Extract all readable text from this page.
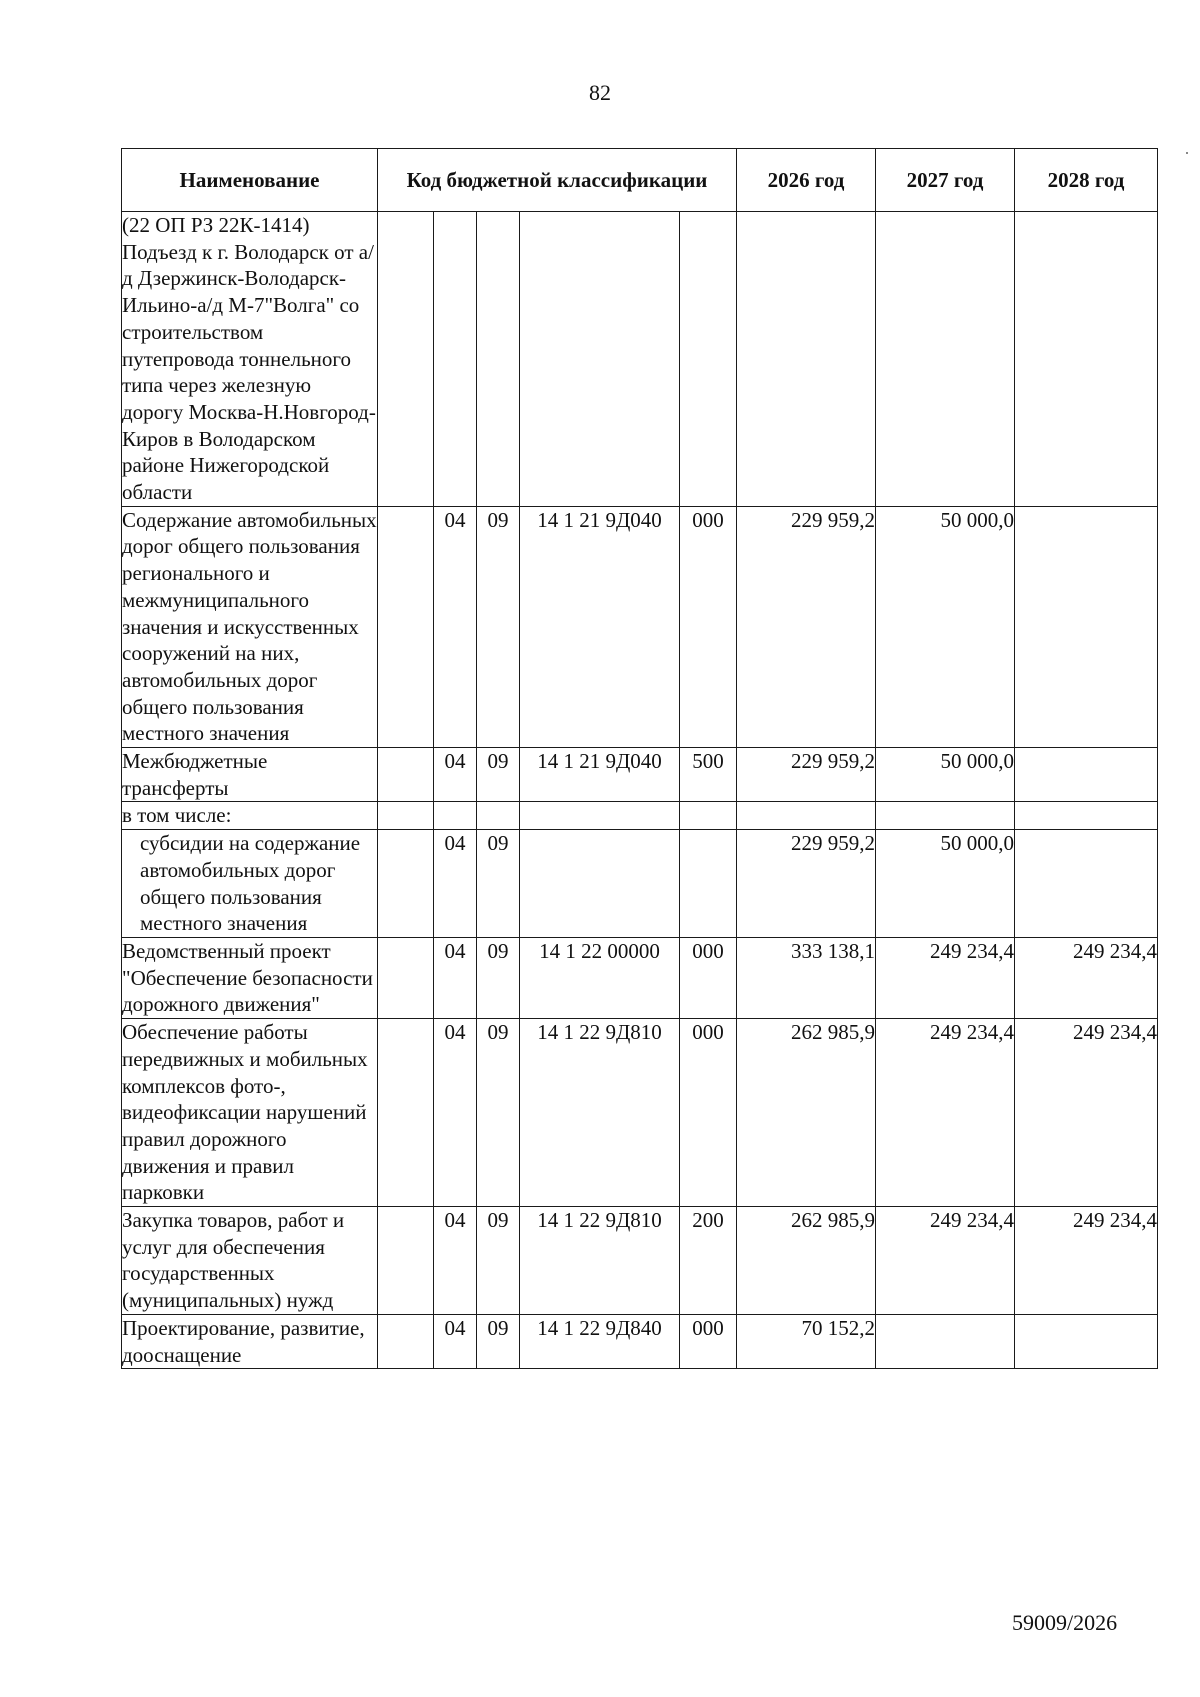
82
Наименование	Код бюджетной классификации					2026 год	2027 год	2028 год
(22 ОП РЗ 22К-1414) Подъезд к г. Володарск от а/д Дзержинск-Володарск-Ильино-а/д М-7"Волга" со строительством путепровода тоннельного типа через железную дорогу Москва-Н.Новгород-Киров в Володарском районе Нижегородской области								
Содержание автомобильных дорог общего пользования регионального и межмуниципального значения и искусственных сооружений на них, автомобильных дорог общего пользования местного значения		04	09	14 1 21 9Д040	000	229 959,2	50 000,0	
Межбюджетные трансферты		04	09	14 1 21 9Д040	500	229 959,2	50 000,0	
в том числе:								
субсидии на содержание автомобильных дорог общего пользования местного значения		04	09			229 959,2	50 000,0	
Ведомственный проект "Обеспечение безопасности дорожного движения"		04	09	14 1 22 00000	000	333 138,1	249 234,4	249 234,4
Обеспечение работы передвижных и мобильных комплексов фото-, видеофиксации нарушений правил дорожного движения и правил парковки		04	09	14 1 22 9Д810	000	262 985,9	249 234,4	249 234,4
Закупка товаров, работ и услуг для обеспечения государственных (муниципальных) нужд		04	09	14 1 22 9Д810	200	262 985,9	249 234,4	249 234,4
Проектирование, развитие, дооснащение		04	09	14 1 22 9Д840	000	70 152,2		
59009/2026
